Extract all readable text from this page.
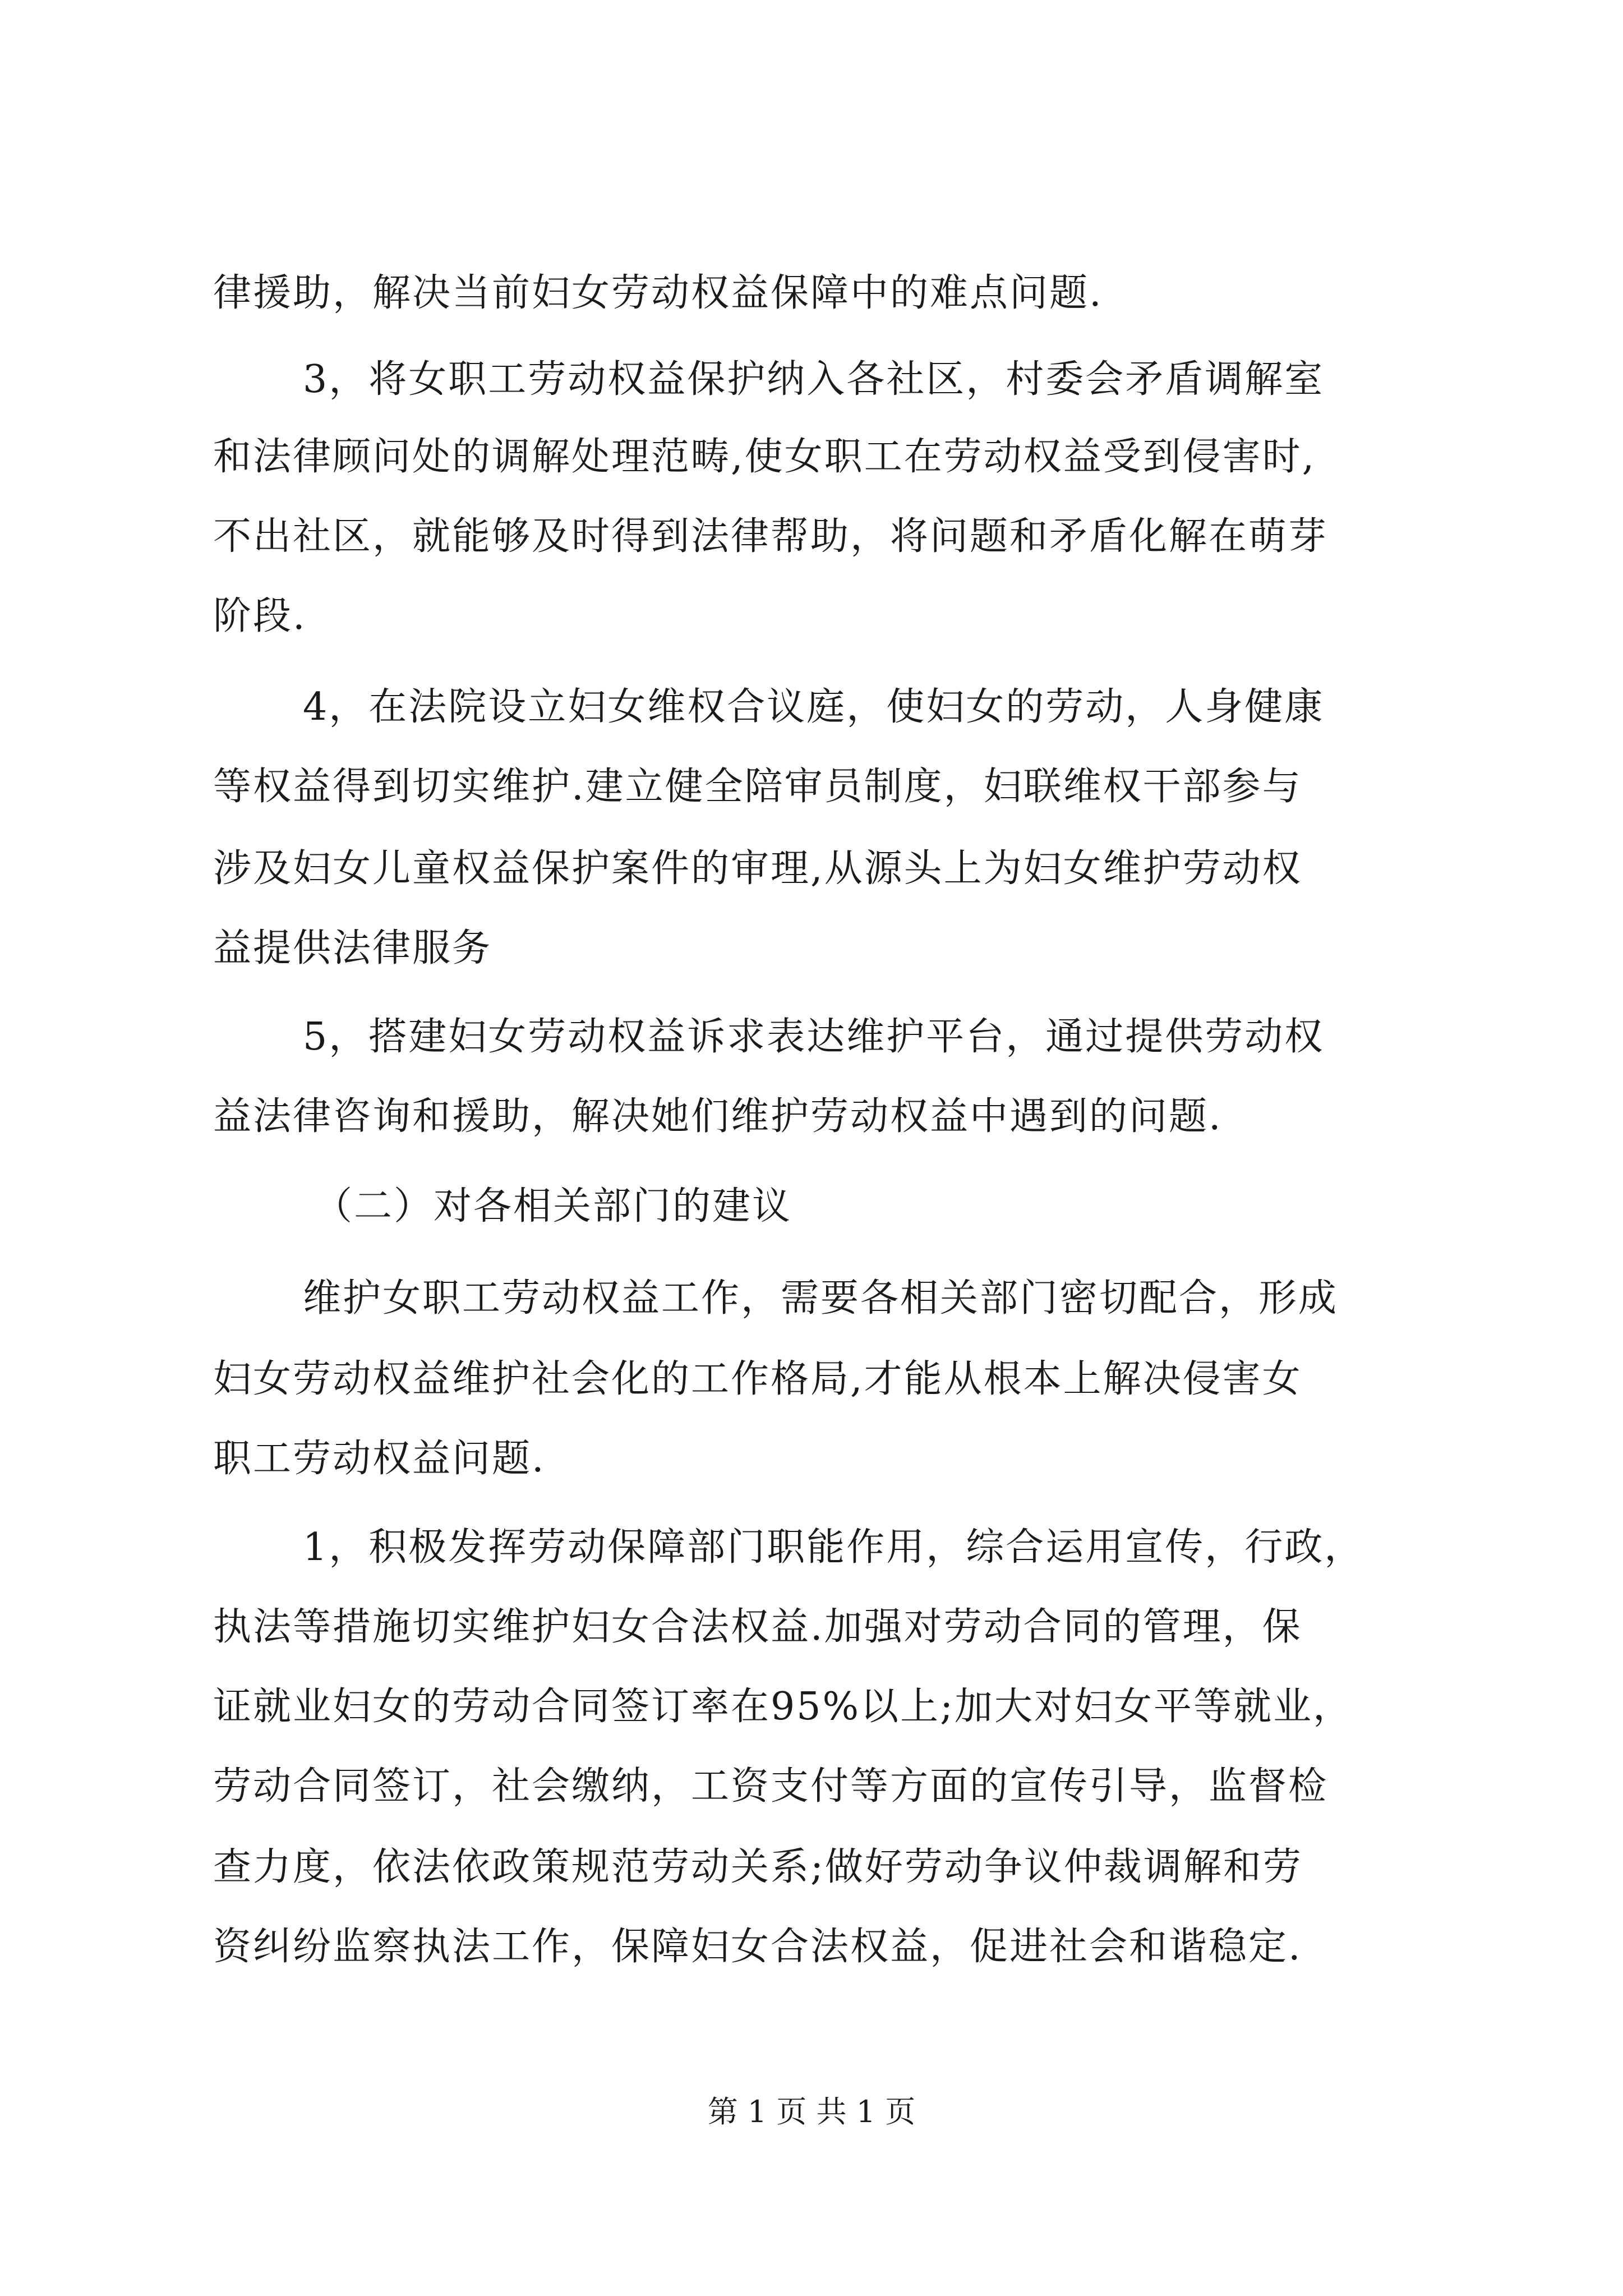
律援助，解决当前妇女劳动权益保障中的难点问题.
3，将女职工劳动权益保护纳入各社区，村委会矛盾调解室
和法律顾问处的调解处理范畴,使女职工在劳动权益受到侵害时,
不出社区，就能够及时得到法律帮助，将问题和矛盾化解在萌芽
阶段.
4，在法院设立妇女维权合议庭，使妇女的劳动，人身健康
等权益得到切实维护.建立健全陪审员制度，妇联维权干部参与
涉及妇女儿童权益保护案件的审理,从源头上为妇女维护劳动权
益提供法律服务
5，搭建妇女劳动权益诉求表达维护平台，通过提供劳动权
益法律咨询和援助，解决她们维护劳动权益中遇到的问题.
（二）对各相关部门的建议
维护女职工劳动权益工作，需要各相关部门密切配合，形成
妇女劳动权益维护社会化的工作格局,才能从根本上解决侵害女
职工劳动权益问题.
1，积极发挥劳动保障部门职能作用，综合运用宣传，行政，
执法等措施切实维护妇女合法权益.加强对劳动合同的管理，保
证就业妇女的劳动合同签订率在95%以上;加大对妇女平等就业，
劳动合同签订，社会缴纳，工资支付等方面的宣传引导，监督检
查力度，依法依政策规范劳动关系;做好劳动争议仲裁调解和劳
资纠纷监察执法工作，保障妇女合法权益，促进社会和谐稳定.
第 1 页 共 1 页
